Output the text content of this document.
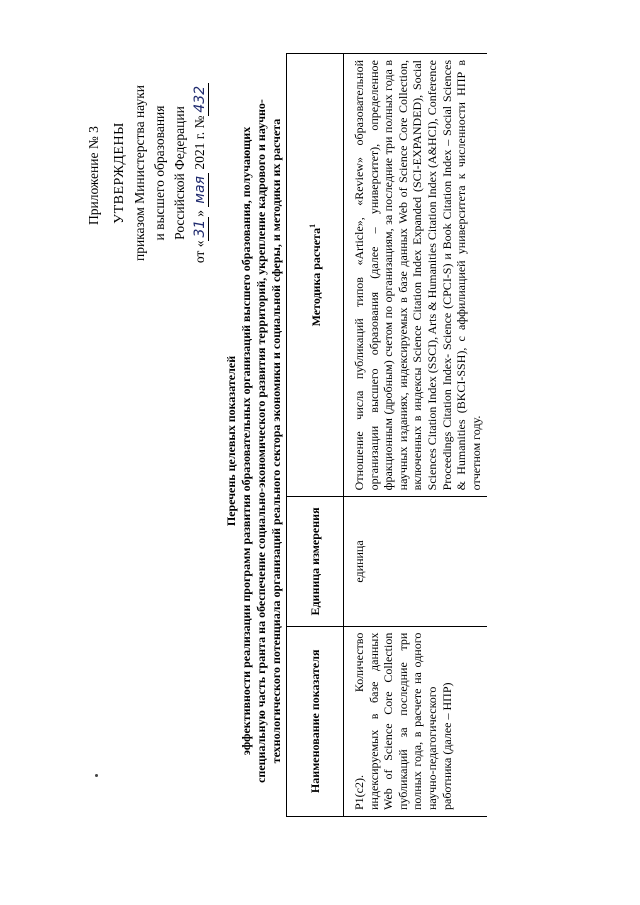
Приложение № 3 УТВЕРЖДЕНЫ приказом Министерства науки и высшего образования Российской Федерации
от «31» мая 2021 г. №432
Перечень целевых показателей эффективности реализации программ развития образовательных организаций высшего образования, получающих специальную часть гранта на обеспечение социально-экономического развития территорий, укрепление кадрового и научно- технологического потенциала организаций реального сектора экономики и социальной сферы, и методики их расчета Наименование показателя	Единица измерения	Методика расчета$^1$
P1(c2). Количество индексируемых в базе данных Web of Science Core Collection публикаций за последние три полных года, в расчете на одного научно-педагогического работника (далее – НПР)	единица	Отношение числа публикаций типов «Article», «Review» образовательной организации высшего образования (далее – университет), определенное фракционным (дробным) счетом по организациям, за последние три полных года в научных изданиях, индексируемых в базе данных Web of Science Core Collection, включенных в индексы Science Citation Index Expanded (SCI-EXPANDED), Social Sciences Citation Index (SSCI), Arts & Humanities Citation Index (A&HCI), Conference Proceedings Citation Index- Science (CPCI-S) и Book Citation Index – Social Sciences & Humanities (BKCI-SSH), с аффилиацией университета к численности НПР в отчетном году.
